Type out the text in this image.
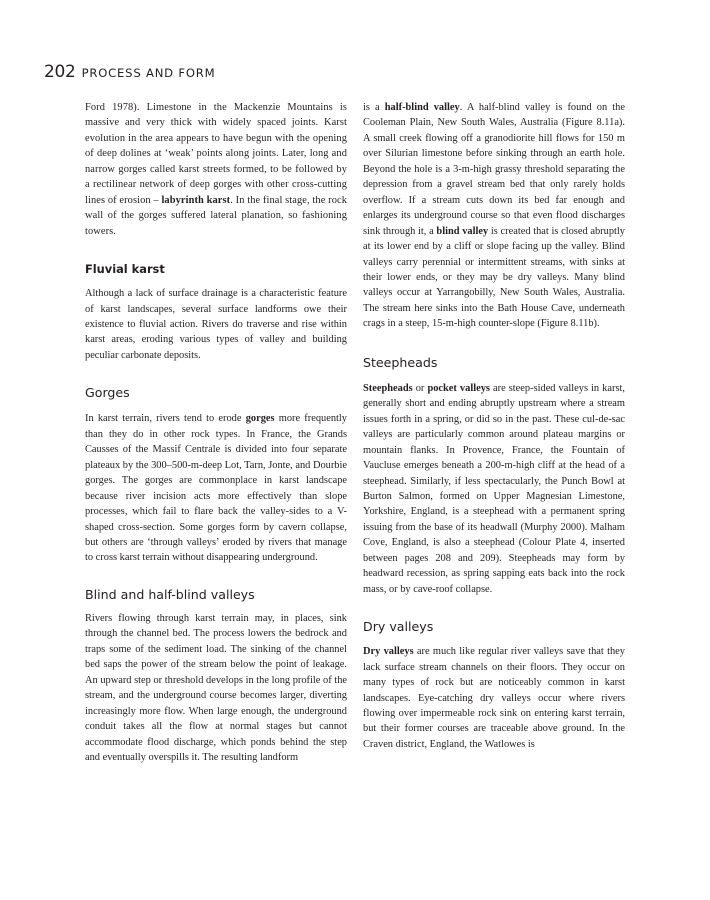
202 PROCESS AND FORM

Ford 1978). Limestone in the Mackenzie Mountains is massive and very thick with widely spaced joints. Karst evolution in the area appears to have begun with the opening of deep dolines at ‘weak’ points along joints. Later, long and narrow gorges called karst streets formed, to be followed by a rectilinear network of deep gorges with other cross-cutting lines of erosion – labyrinth karst. In the final stage, the rock wall of the gorges suffered lateral planation, so fashioning towers.

Fluvial karst

Although a lack of surface drainage is a characteristic feature of karst landscapes, several surface landforms owe their existence to fluvial action. Rivers do traverse and rise within karst areas, eroding various types of valley and building peculiar carbonate deposits.

Gorges

In karst terrain, rivers tend to erode gorges more frequently than they do in other rock types. In France, the Grands Causses of the Massif Centrale is divided into four separate plateaux by the 300–500-m-deep Lot, Tarn, Jonte, and Dourbie gorges. The gorges are commonplace in karst landscape because river incision acts more effectively than slope processes, which fail to flare back the valley-sides to a V-shaped cross-section. Some gorges form by cavern collapse, but others are ‘through valleys’ eroded by rivers that manage to cross karst terrain without disappearing underground.

Blind and half-blind valleys

Rivers flowing through karst terrain may, in places, sink through the channel bed. The process lowers the bedrock and traps some of the sediment load. The sinking of the channel bed saps the power of the stream below the point of leakage. An upward step or threshold develops in the long profile of the stream, and the underground course becomes larger, diverting increasingly more flow. When large enough, the underground conduit takes all the flow at normal stages but cannot accommodate flood discharge, which ponds behind the step and eventually overspills it. The resulting landform

is a half-blind valley. A half-blind valley is found on the Cooleman Plain, New South Wales, Australia (Figure 8.11a). A small creek flowing off a granodiorite hill flows for 150 m over Silurian limestone before sinking through an earth hole. Beyond the hole is a 3-m-high grassy threshold separating the depression from a gravel stream bed that only rarely holds overflow. If a stream cuts down its bed far enough and enlarges its underground course so that even flood discharges sink through it, a blind valley is created that is closed abruptly at its lower end by a cliff or slope facing up the valley. Blind valleys carry perennial or intermittent streams, with sinks at their lower ends, or they may be dry valleys. Many blind valleys occur at Yarrangobilly, New South Wales, Australia. The stream here sinks into the Bath House Cave, underneath crags in a steep, 15-m-high counter-slope (Figure 8.11b).

Steepheads

Steepheads or pocket valleys are steep-sided valleys in karst, generally short and ending abruptly upstream where a stream issues forth in a spring, or did so in the past. These cul-de-sac valleys are particularly common around plateau margins or mountain flanks. In Provence, France, the Fountain of Vaucluse emerges beneath a 200-m-high cliff at the head of a steephead. Similarly, if less spectacularly, the Punch Bowl at Burton Salmon, formed on Upper Magnesian Limestone, Yorkshire, England, is a steephead with a permanent spring issuing from the base of its headwall (Murphy 2000). Malham Cove, England, is also a steephead (Colour Plate 4, inserted between pages 208 and 209). Steepheads may form by headward recession, as spring sapping eats back into the rock mass, or by cave-roof collapse.

Dry valleys

Dry valleys are much like regular river valleys save that they lack surface stream channels on their floors. They occur on many types of rock but are noticeably common in karst landscapes. Eye-catching dry valleys occur where rivers flowing over impermeable rock sink on entering karst terrain, but their former courses are traceable above ground. In the Craven district, England, the Watlowes is
